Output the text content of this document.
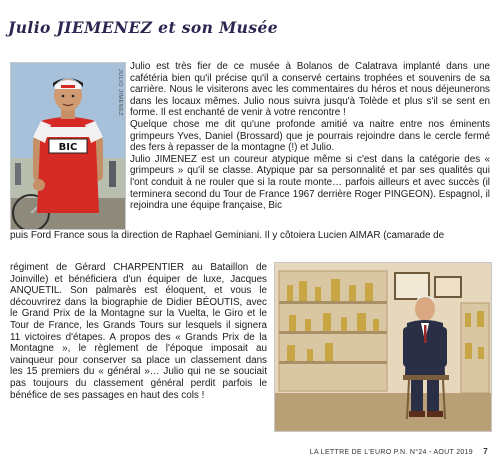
Julio JIEMENEZ et son Musée
BIC
JULIO JIMENEZ

Julio est très fier de ce musée à Bolanos de Calatrava implanté dans une cafétéria bien qu'il précise qu'il a conservé certains trophées et souvenirs de sa carrière. Nous le visiterons avec les commentaires du héros et nous déjeunerons dans les locaux mêmes. Julio nous suivra jusqu'à Tolède et plus s'il se sent en forme. Il est enchanté de venir à votre rencontre !

Quelque chose me dit qu'une profonde amitié va naitre entre nos éminents grimpeurs Yves, Daniel (Brossard) que je pourrais rejoindre dans le cercle fermé des fers à repasser de la montagne (!) et Julio.

Julio JIMENEZ est un coureur atypique même si c'est dans la catégorie des « grimpeurs » qu'il se classe. Atypique par sa personnalité et par ses qualités qui l'ont conduit à ne rouler que si la route monte… parfois ailleurs et avec succès (il terminera second du Tour de France 1967 derrière Roger PINGEON). Espagnol, il rejoindra une équipe française, Bic

puis Ford France sous la direction de Raphael Geminiani. Il y côtoiera Lucien AIMAR (camarade de

régiment de Gérard CHARPENTIER au Bataillon de Joinville) et bénéficiera d'un équiper de luxe, Jacques ANQUETIL. Son palmarès est éloquent, et vous le découvrirez dans la biographie de Didier BÉOUTIS, avec le Grand Prix de la Montagne sur la Vuelta, le Giro et le Tour de France, les Grands Tours sur lesquels il signera 11 victoires d'étapes. A propos des « Grands Prix de la Montagne », le règlement de l'époque imposait au vainqueur pour conserver sa place un classement dans les 15 premiers du « général »… Julio qui ne se souciait pas toujours du classement général perdit parfois le bénéfice de ses passages en haut des cols !

LA LETTRE DE L'EURO P.N. N°24 - AOUT 2019 7
